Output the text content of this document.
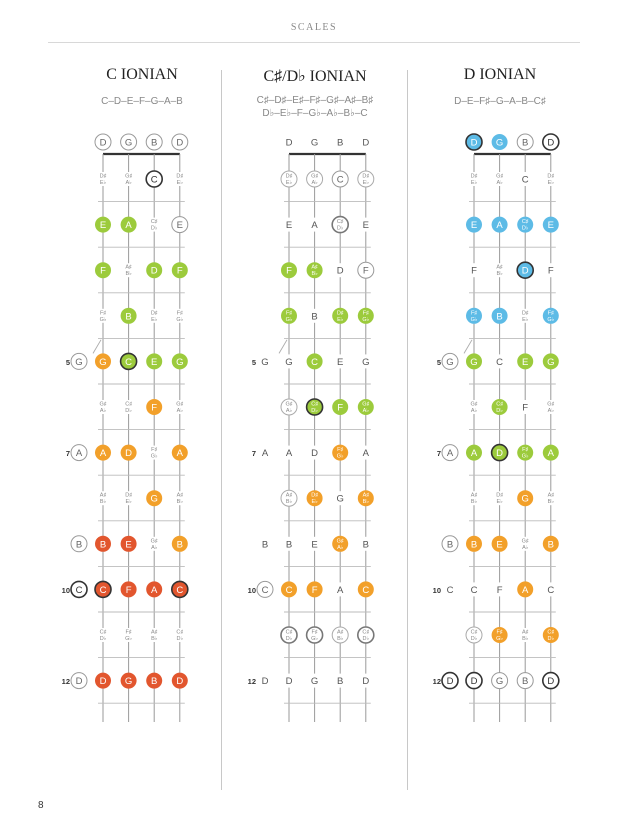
SCALES
C IONIAN
C–D–E–F–G–A–B
C♯/D♭ IONIAN
C♯–D♯–E♯–F♯–G♯–A♯–B♯
D♭–E♭–F–G♭–A♭–B♭–C
D IONIAN
D–E–F♯–G–A–B–C♯
D G B D
D♯
E♭
G♯
A♭ C	D♯
E♭
E A	C♯
D♭ E
F	A♯
B♭ D F
F♯
G♭ B	D♯
E♭
F♯
G♭
G C E G
G♯
A♭
C♯
D♭ F	G♯
A♭
A D	F♯
G♭ A
A♯
B♭
D♯
E♭ G	A♯
B♭
B E	G♯
A♭ B
C F A C
C♯
D♭
F♯
G♭
A♯
B♭
C♯
D♭
D G B D
5 G
7 A
B
10 C
12 D
D G B D
D♯
E♭
G♯
A♭ C	D♯
E♭
E A	C♯
D♭ E
F	A♯
B♭ D F
F♯
G♭ B	D♯
E♭
F♯
G♭
G C E G
G♯
A♭
C♯
D♭ F	G♯
A♭
A D	F♯
G♭ A
A♯
B♭
D♯
E♭ G	A♯
B♭
B E	G♯
A♭ B
C F A C
C♯
D♭
F♯
G♭
A♯
B♭
C♯
D♭
D G B D
5 G
7 A
B
10 C
12 D
D G B D
D♯
E♭
G♯
A♭ C	D♯
E♭
E A	C♯
D♭ E
F	A♯
B♭ D F
F♯
G♭ B	D♯
E♭
F♯
G♭
G C E G
G♯
A♭
C♯
D♭ F	G♯
A♭
A D	F♯
G♭ A
A♯
B♭
D♯
E♭ G	A♯
B♭
B E	G♯
A♭ B
C F A C
C♯
D♭
F♯
G♭
A♯
B♭
C♯
D♭
D G B D
5 G
7 A
B
10 C
12 D
8
